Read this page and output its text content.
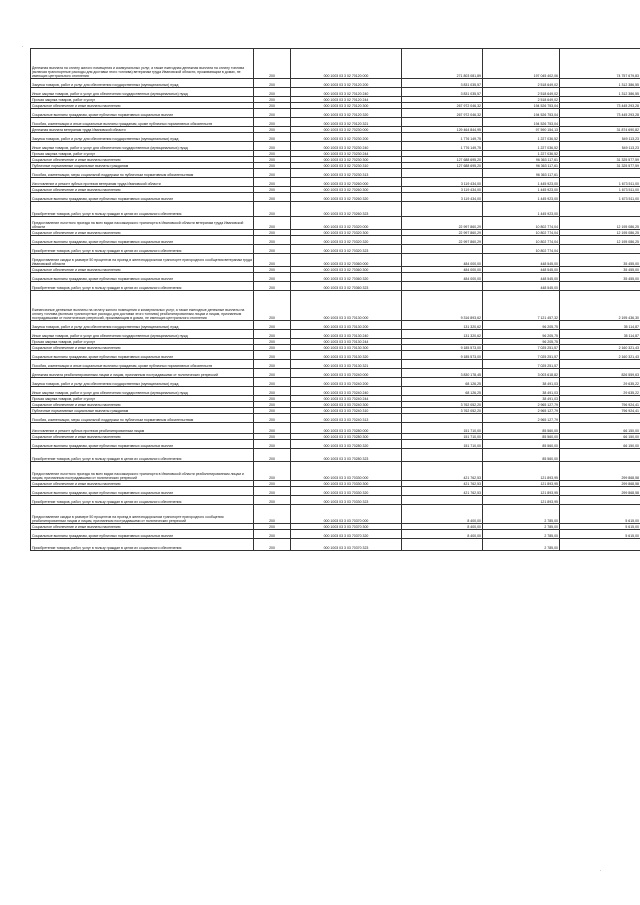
·
Денежная выплата на оплату жилого помещения и коммунальных услуг, а также ежегодная денежная выплата на оплату топлива (включая транспортные расходы для доставки этого топлива) ветеранам труда Ивановской области, проживающим в домах, не имеющих центрального отопления	200	000 1003 03 3 02 70120 000	271 803 081,89	197 045 402,06	74 757 679,83
Закупка товаров, работ и услуг для обеспечения государственных (муниципальных) нужд	200	000 1003 03 3 02 70120 200	3 831 035,57	2 518 649,02	1 312 386,55
Иные закупки товаров, работ и услуг для обеспечения государственных (муниципальных) нужд	200	000 1003 03 3 02 70120 240	3 831 035,57	2 518 649,02	1 312 386,55
Прочая закупка товаров, работ и услуг	200	000 1003 03 3 02 70120 244		2 518 649,02	
Социальное обеспечение и иные выплаты населению	200	000 1003 03 3 02 70120 300	267 972 046,32	194 526 753,04	73 445 293,28
Социальные выплаты гражданам, кроме публичных нормативных социальных выплат	200	000 1003 03 3 02 70120 320	267 972 046,32	194 526 753,04	73 445 293,28
Пособия, компенсации и иные социальные выплаты гражданам, кроме публичных нормативных обязательств	200	000 1003 03 3 02 70120 321		194 526 753,04	
Денежная выплата ветеранам труда Ивановской области	200	000 1003 03 3 02 70230 000	129 464 844,95	97 590 154,13	31 874 690,82
Закупка товаров, работ и услуг для обеспечения государственных (муниципальных) нужд	200	000 1003 03 3 02 70230 200	1 776 149,75	1 227 036,52	549 113,23
Иные закупки товаров, работ и услуг для обеспечения государственных (муниципальных) нужд	200	000 1003 03 3 02 70230 240	1 776 149,75	1 227 036,52	549 113,23
Прочая закупка товаров, работ и услуг	200	000 1003 03 3 02 70230 244		1 227 036,52	
Социальное обеспечение и иные выплаты населению	200	000 1003 03 3 02 70230 300	127 688 695,20	96 363 117,61	31 325 577,59
Публичные нормативные социальные выплаты гражданам	200	000 1003 03 3 02 70230 310	127 688 695,20	96 363 117,61	31 325 577,59
Пособия, компенсации, меры социальной поддержки по публичным нормативным обязательствам	200	000 1003 03 3 02 70230 313		96 363 117,61	
Изготовление и ремонт зубных протезов ветеранам труда Ивановской области	200	000 1003 03 3 02 70260 000	3 119 434,00	1 445 923,00	1 673 511,00
Социальное обеспечение и иные выплаты населению	200	000 1003 03 3 02 70260 300	3 119 434,00	1 445 923,00	1 673 511,00
Социальные выплаты гражданам, кроме публичных нормативных социальных выплат	200	000 1003 03 3 02 70260 320	3 119 434,00	1 445 923,00	1 673 511,00
Приобретение товаров, работ, услуг в пользу граждан в целях их социального обеспечения	200	000 1003 03 3 02 70260 323		1 445 923,00	
Предоставление льготного проезда на всех видах пассажирского транспорта в Ивановской области ветеранам труда Ивановской области	200	000 1003 03 3 02 70320 000	22 997 860,29	10 802 774,04	12 195 086,25
Социальное обеспечение и иные выплаты населению	200	000 1003 03 3 02 70320 300	22 997 860,29	10 802 774,04	12 195 086,25
Социальные выплаты гражданам, кроме публичных нормативных социальных выплат	200	000 1003 03 3 02 70320 320	22 997 860,29	10 802 774,04	12 195 086,25
Приобретение товаров, работ, услуг в пользу граждан в целях их социального обеспечения	200	000 1003 03 3 02 70320 323		10 802 774,04	
Предоставление скидки в размере 50 процентов на проезд в железнодорожном транспорте пригородного сообщения ветеранам труда Ивановской области	200	000 1003 03 3 02 70360 000	484 000,00	448 545,00	35 455,00
Социальное обеспечение и иные выплаты населению	200	000 1003 03 3 02 70360 300	484 000,00	448 545,00	35 455,00
Социальные выплаты гражданам, кроме публичных нормативных социальных выплат	200	000 1003 03 3 02 70360 320	484 000,00	448 545,00	35 455,00
Приобретение товаров, работ, услуг в пользу граждан в целях их социального обеспечения	200	000 1003 03 3 02 70360 323		448 545,00	
Ежемесячные денежные выплаты на оплату жилого помещения и коммунальных услуг, а также ежегодные денежные выплаты на оплату топлива (включая транспортные расходы для доставки этого топлива) реабилитированным лицам и лицам, признанным пострадавшими от политических репрессий, проживающим в домах, не имеющих центрального отопления	200	000 1003 03 3 03 70130 000	9 316 893,62	7 121 457,32	2 195 436,30
Закупка товаров, работ и услуг для обеспечения государственных (муниципальных) нужд	200	000 1003 03 3 03 70130 200	131 320,62	96 205,75	35 114,87
Иные закупки товаров, работ и услуг для обеспечения государственных (муниципальных) нужд	200	000 1003 03 3 03 70130 240	131 320,62	96 205,75	35 114,87
Прочая закупка товаров, работ и услуг	200	000 1003 03 3 03 70130 244		96 205,75	
Социальное обеспечение и иные выплаты населению	200	000 1003 03 3 03 70130 300	9 185 573,00	7 025 251,57	2 160 321,43
Социальные выплаты гражданам, кроме публичных нормативных социальных выплат	200	000 1003 03 3 03 70130 320	9 185 573,00	7 025 251,57	2 160 321,43
Пособия, компенсации и иные социальные выплаты гражданам, кроме публичных нормативных обязательств	200	000 1003 03 3 03 70130 321		7 025 251,57	
Денежная выплата реабилитированным лицам и лицам, признанным пострадавшими от политических репрессий	200	000 1003 03 3 03 70240 000	3 830 178,45	3 003 618,82	826 559,63
Закупка товаров, работ и услуг для обеспечения государственных (муниципальных) нужд	200	000 1003 03 3 03 70240 200	68 126,25	38 491,03	29 635,22
Иные закупки товаров, работ и услуг для обеспечения государственных (муниципальных) нужд	200	000 1003 03 3 03 70240 240	68 126,25	38 491,03	29 635,22
Прочая закупка товаров, работ и услуг	200	000 1003 03 3 03 70240 244		38 491,03	
Социальное обеспечение и иные выплаты населению	200	000 1003 03 3 03 70240 300	3 762 052,20	2 965 127,79	796 924,41
Публичные нормативные социальные выплаты гражданам	200	000 1003 03 3 03 70240 310	3 762 052,20	2 965 127,79	796 924,41
Пособия, компенсации, меры социальной поддержки по публичным нормативным обязательствам	200	000 1003 03 3 03 70240 313		2 965 127,79	
Изготовление и ремонт зубных протезов реабилитированным лицам	200	000 1003 03 3 03 70280 000	151 710,00	85 560,00	66 150,00
Социальное обеспечение и иные выплаты населению	200	000 1003 03 3 03 70280 300	151 710,00	85 560,00	66 150,00
Социальные выплаты гражданам, кроме публичных нормативных социальных выплат	200	000 1003 03 3 03 70280 320	151 710,00	85 560,00	66 150,00
Приобретение товаров, работ, услуг в пользу граждан в целях их социального обеспечения	200	000 1003 03 3 03 70280 323		85 560,00	
Предоставление льготного проезда на всех видах пассажирского транспорта в Ивановской области реабилитированным лицам и лицам, признанным пострадавшими от политических репрессий	200	000 1003 03 3 03 70330 000	421 762,53	121 893,95	299 868,58
Социальное обеспечение и иные выплаты населению	200	000 1003 03 3 03 70330 300	421 762,53	121 893,95	299 868,58
Социальные выплаты гражданам, кроме публичных нормативных социальных выплат	200	000 1003 03 3 03 70330 320	421 762,53	121 893,95	299 868,58
Приобретение товаров, работ, услуг в пользу граждан в целях их социального обеспечения	200	000 1003 03 3 03 70330 323		121 893,95	
Предоставление скидки в размере 50 процентов на проезд в железнодорожном транспорте пригородного сообщения реабилитированным лицам и лицам, признанным пострадавшими от политических репрессий	200	000 1003 03 3 03 70370 000	8 400,00	2 785,00	5 615,00
Социальное обеспечение и иные выплаты населению	200	000 1003 03 3 03 70370 300	8 400,00	2 785,00	5 615,00
Социальные выплаты гражданам, кроме публичных нормативных социальных выплат	200	000 1003 03 3 03 70370 320	8 400,00	2 785,00	5 615,00
Приобретение товаров, работ, услуг в пользу граждан в целях их социального обеспечения	200	000 1003 03 3 03 70370 323		2 785,00	
·
